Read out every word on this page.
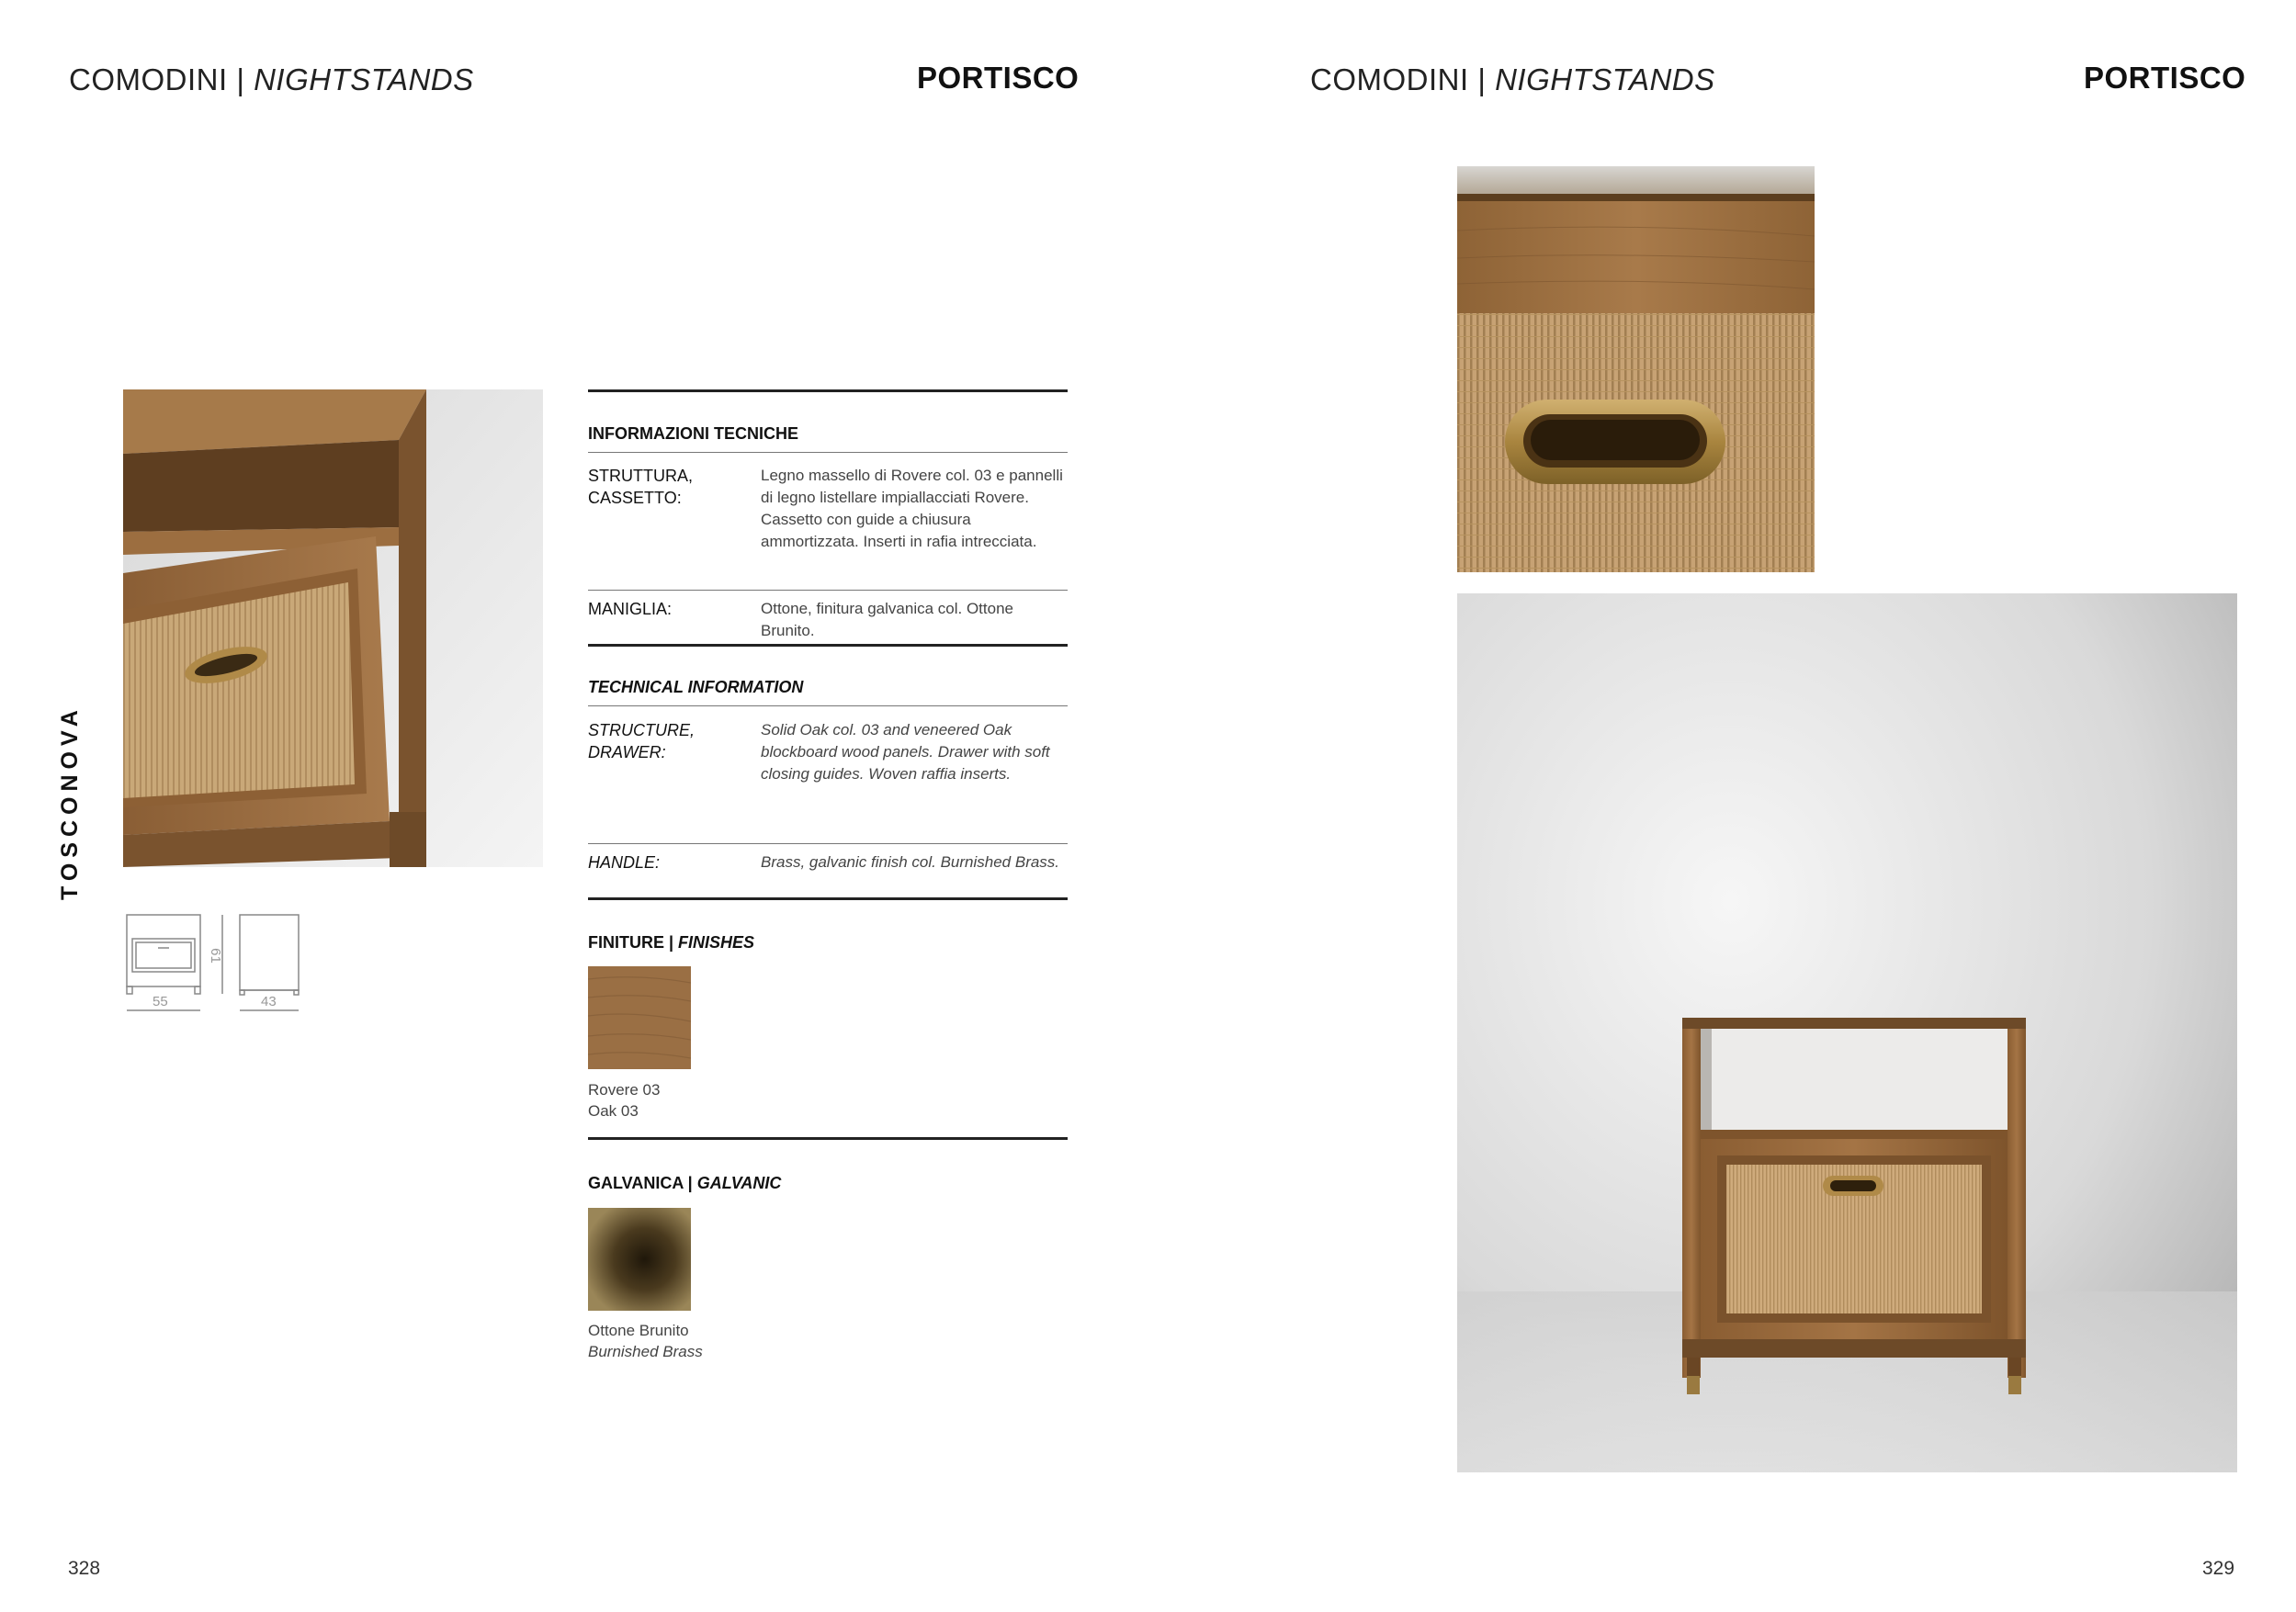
COMODINI | NIGHTSTANDS	PORTISCO	COMODINI | NIGHTSTANDS	PORTISCO
TOSCONOVA
55	43
61
INFORMAZIONI TECNICHE
STRUTTURA,
CASSETTO:
Legno massello di Rovere col. 03 e pannelli di legno listellare impiallacciati Rovere. Cassetto con guide a chiusura ammortizzata. Inserti in rafia intrecciata.
MANIGLIA:	Ottone, finitura galvanica col. Ottone Brunito.
TECHNICAL INFORMATION
STRUCTURE,
DRAWER:
Solid Oak col. 03 and veneered Oak blockboard wood panels. Drawer with soft closing guides. Woven raffia inserts.
HANDLE:	Brass, galvanic finish col. Burnished Brass.
FINITURE | FINISHES
Rovere 03
Oak 03
GALVANICA | GALVANIC
Ottone Brunito
Burnished Brass
328	329
